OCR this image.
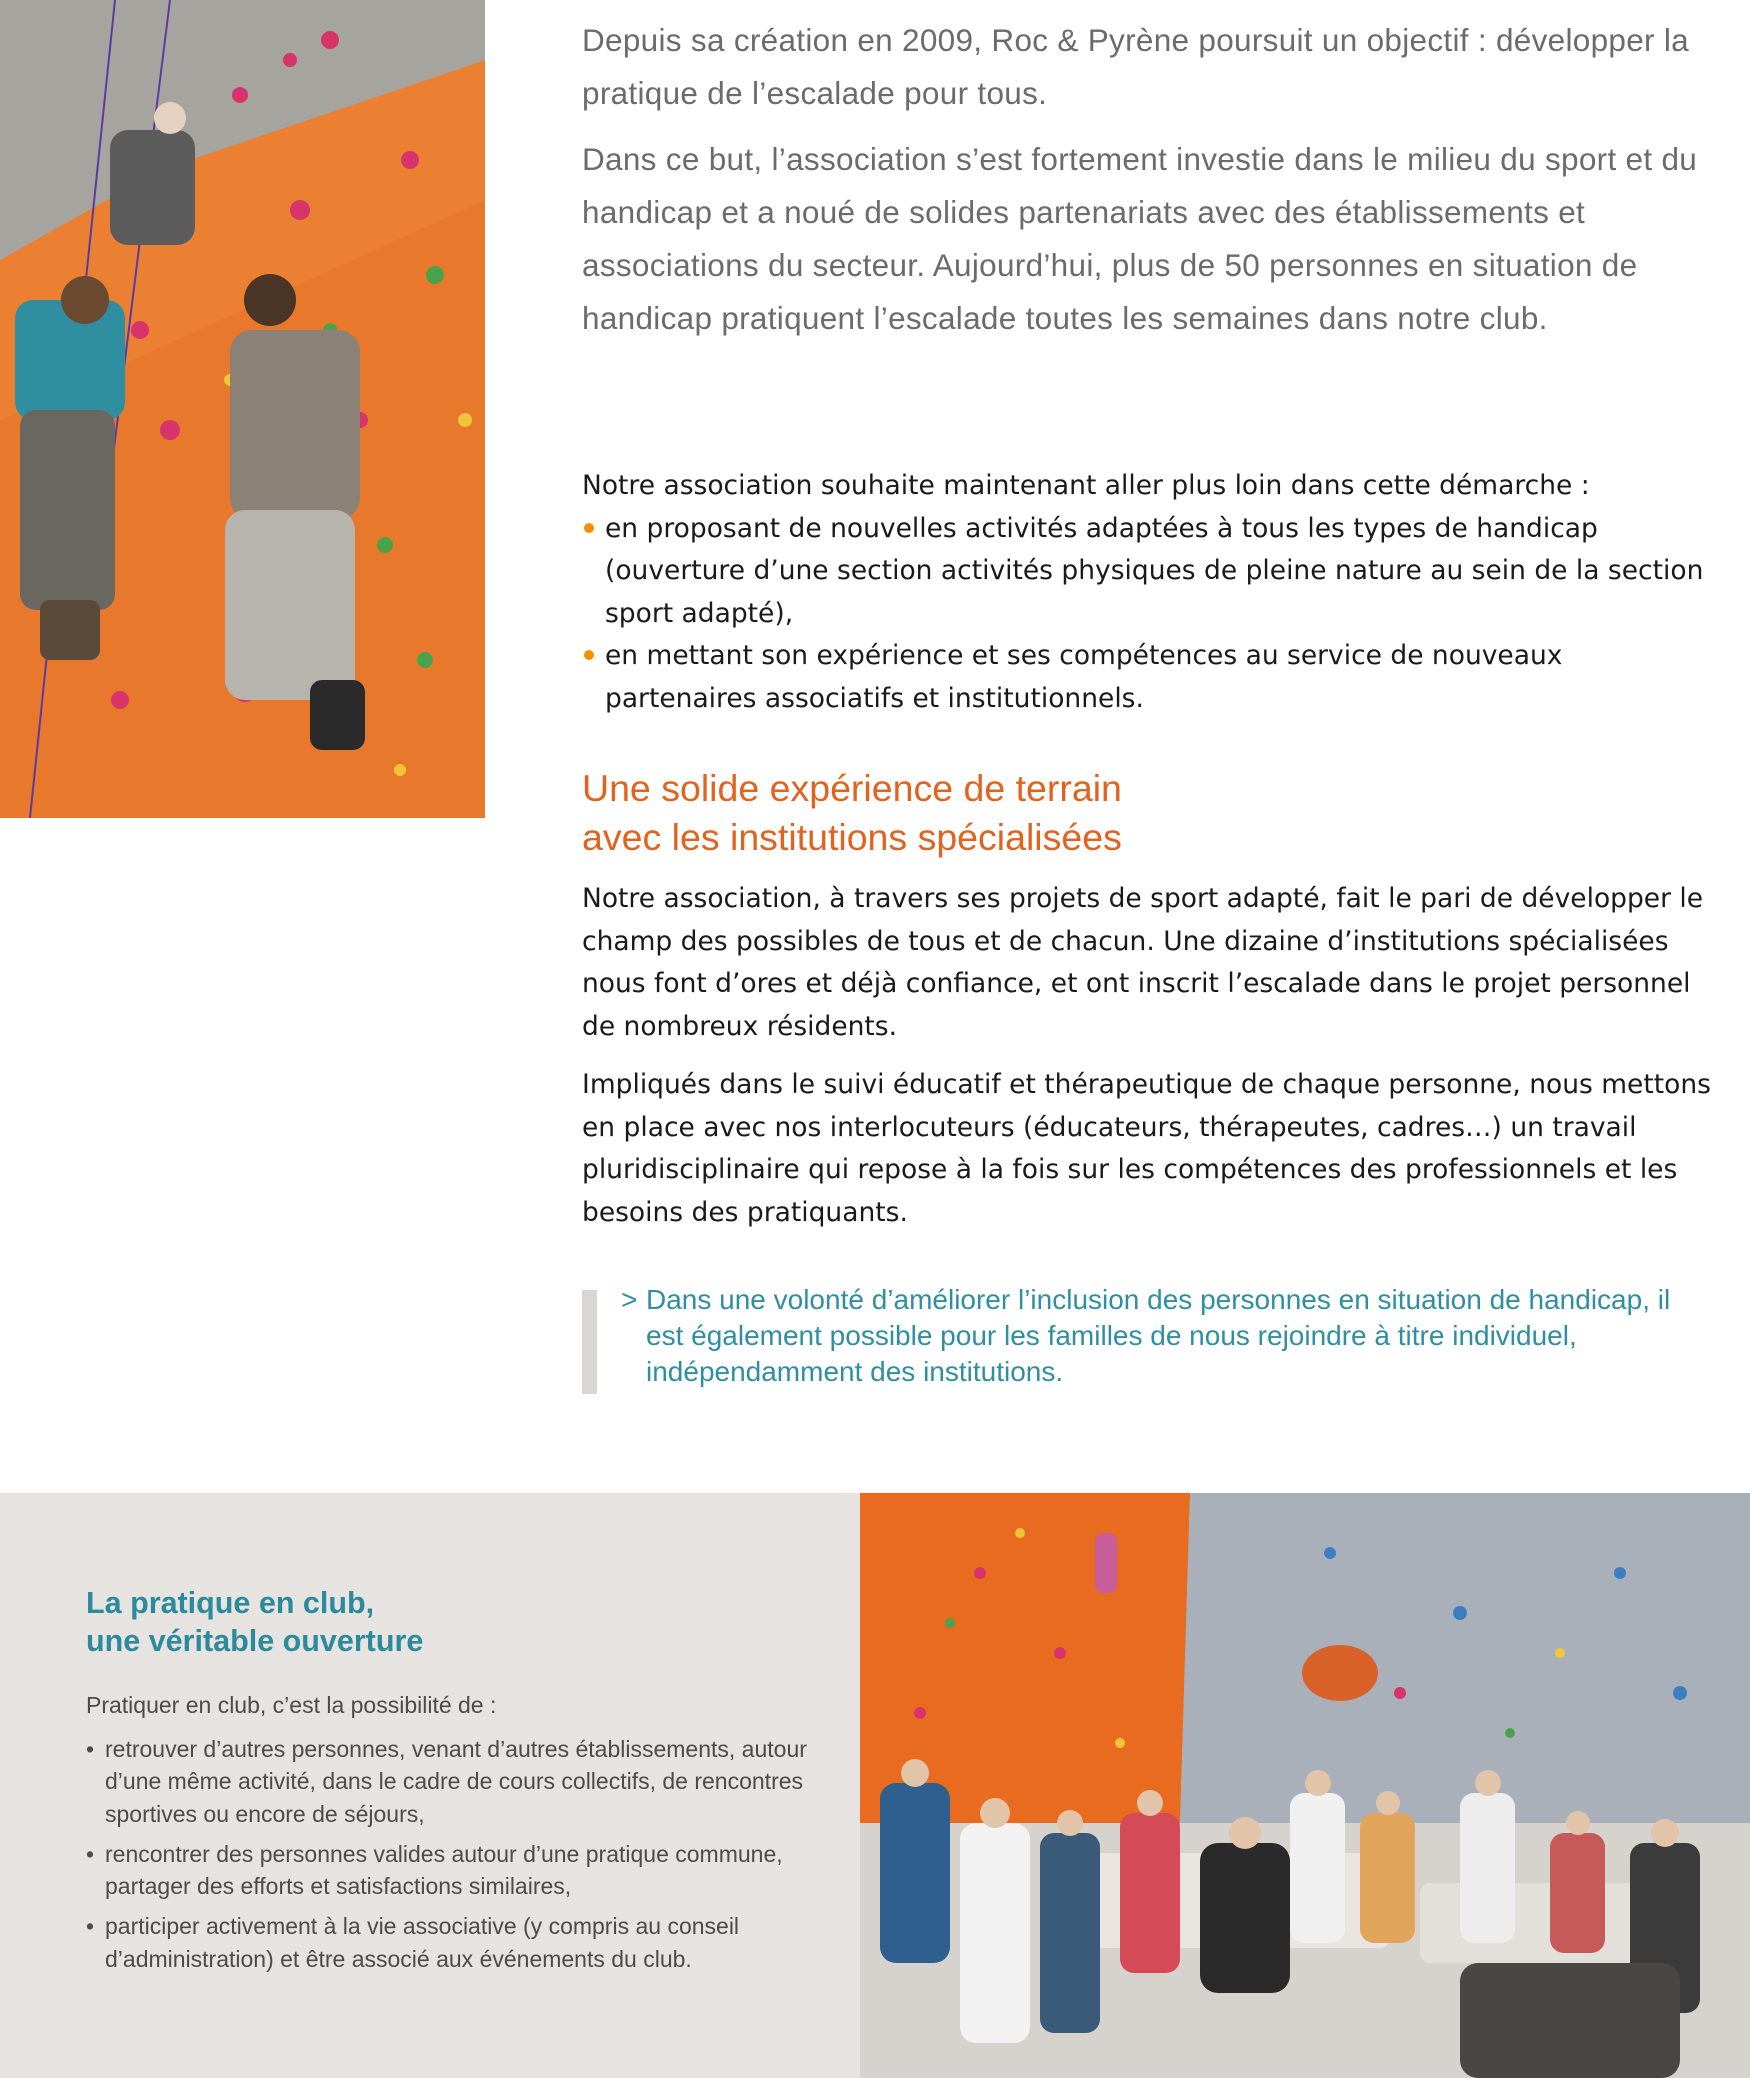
Depuis sa création en 2009, Roc & Pyrène poursuit un objectif : développer la pratique de l’escalade pour tous.

Dans ce but, l’association s’est fortement investie dans le milieu du sport et du handicap et a noué de solides partenariats avec des établissements et associations du secteur. Aujourd’hui, plus de 50 personnes en situation de handicap pratiquent l’escalade toutes les semaines dans notre club.

Notre association souhaite maintenant aller plus loin dans cette démarche :

en proposant de nouvelles activités adaptées à tous les types de handicap (ouverture d’une section activités physiques de pleine nature au sein de la section sport adapté),
en mettant son expérience et ses compétences au service de nouveaux partenaires associatifs et institutionnels.
Une solide expérience de terrain
avec les institutions spécialisées

Notre association, à travers ses projets de sport adapté, fait le pari de développer le champ des possibles de tous et de chacun. Une dizaine d’institutions spécialisées nous font d’ores et déjà confiance, et ont inscrit l’escalade dans le projet personnel de nombreux résidents.

Impliqués dans le suivi éducatif et thérapeutique de chaque personne, nous mettons en place avec nos interlocuteurs (éducateurs, thérapeutes, cadres…) un travail pluridisciplinaire qui repose à la fois sur les compétences des professionnels et les besoins des pratiquants.

> Dans une volonté d’améliorer l’inclusion des personnes en situation de handicap, il est également possible pour les familles de nous rejoindre à titre individuel, indépendamment des institutions.
La pratique en club,
une véritable ouverture
Pratiquer en club, c’est la possibilité de :
• retrouver d’autres personnes, venant d’autres établissements, autour d’une même activité, dans le cadre de cours collectifs, de rencontres sportives ou encore de séjours,
• rencontrer des personnes valides autour d’une pratique commune, partager des efforts et satisfactions similaires,
• participer activement à la vie associative (y compris au conseil d’administration) et être associé aux événements du club.
